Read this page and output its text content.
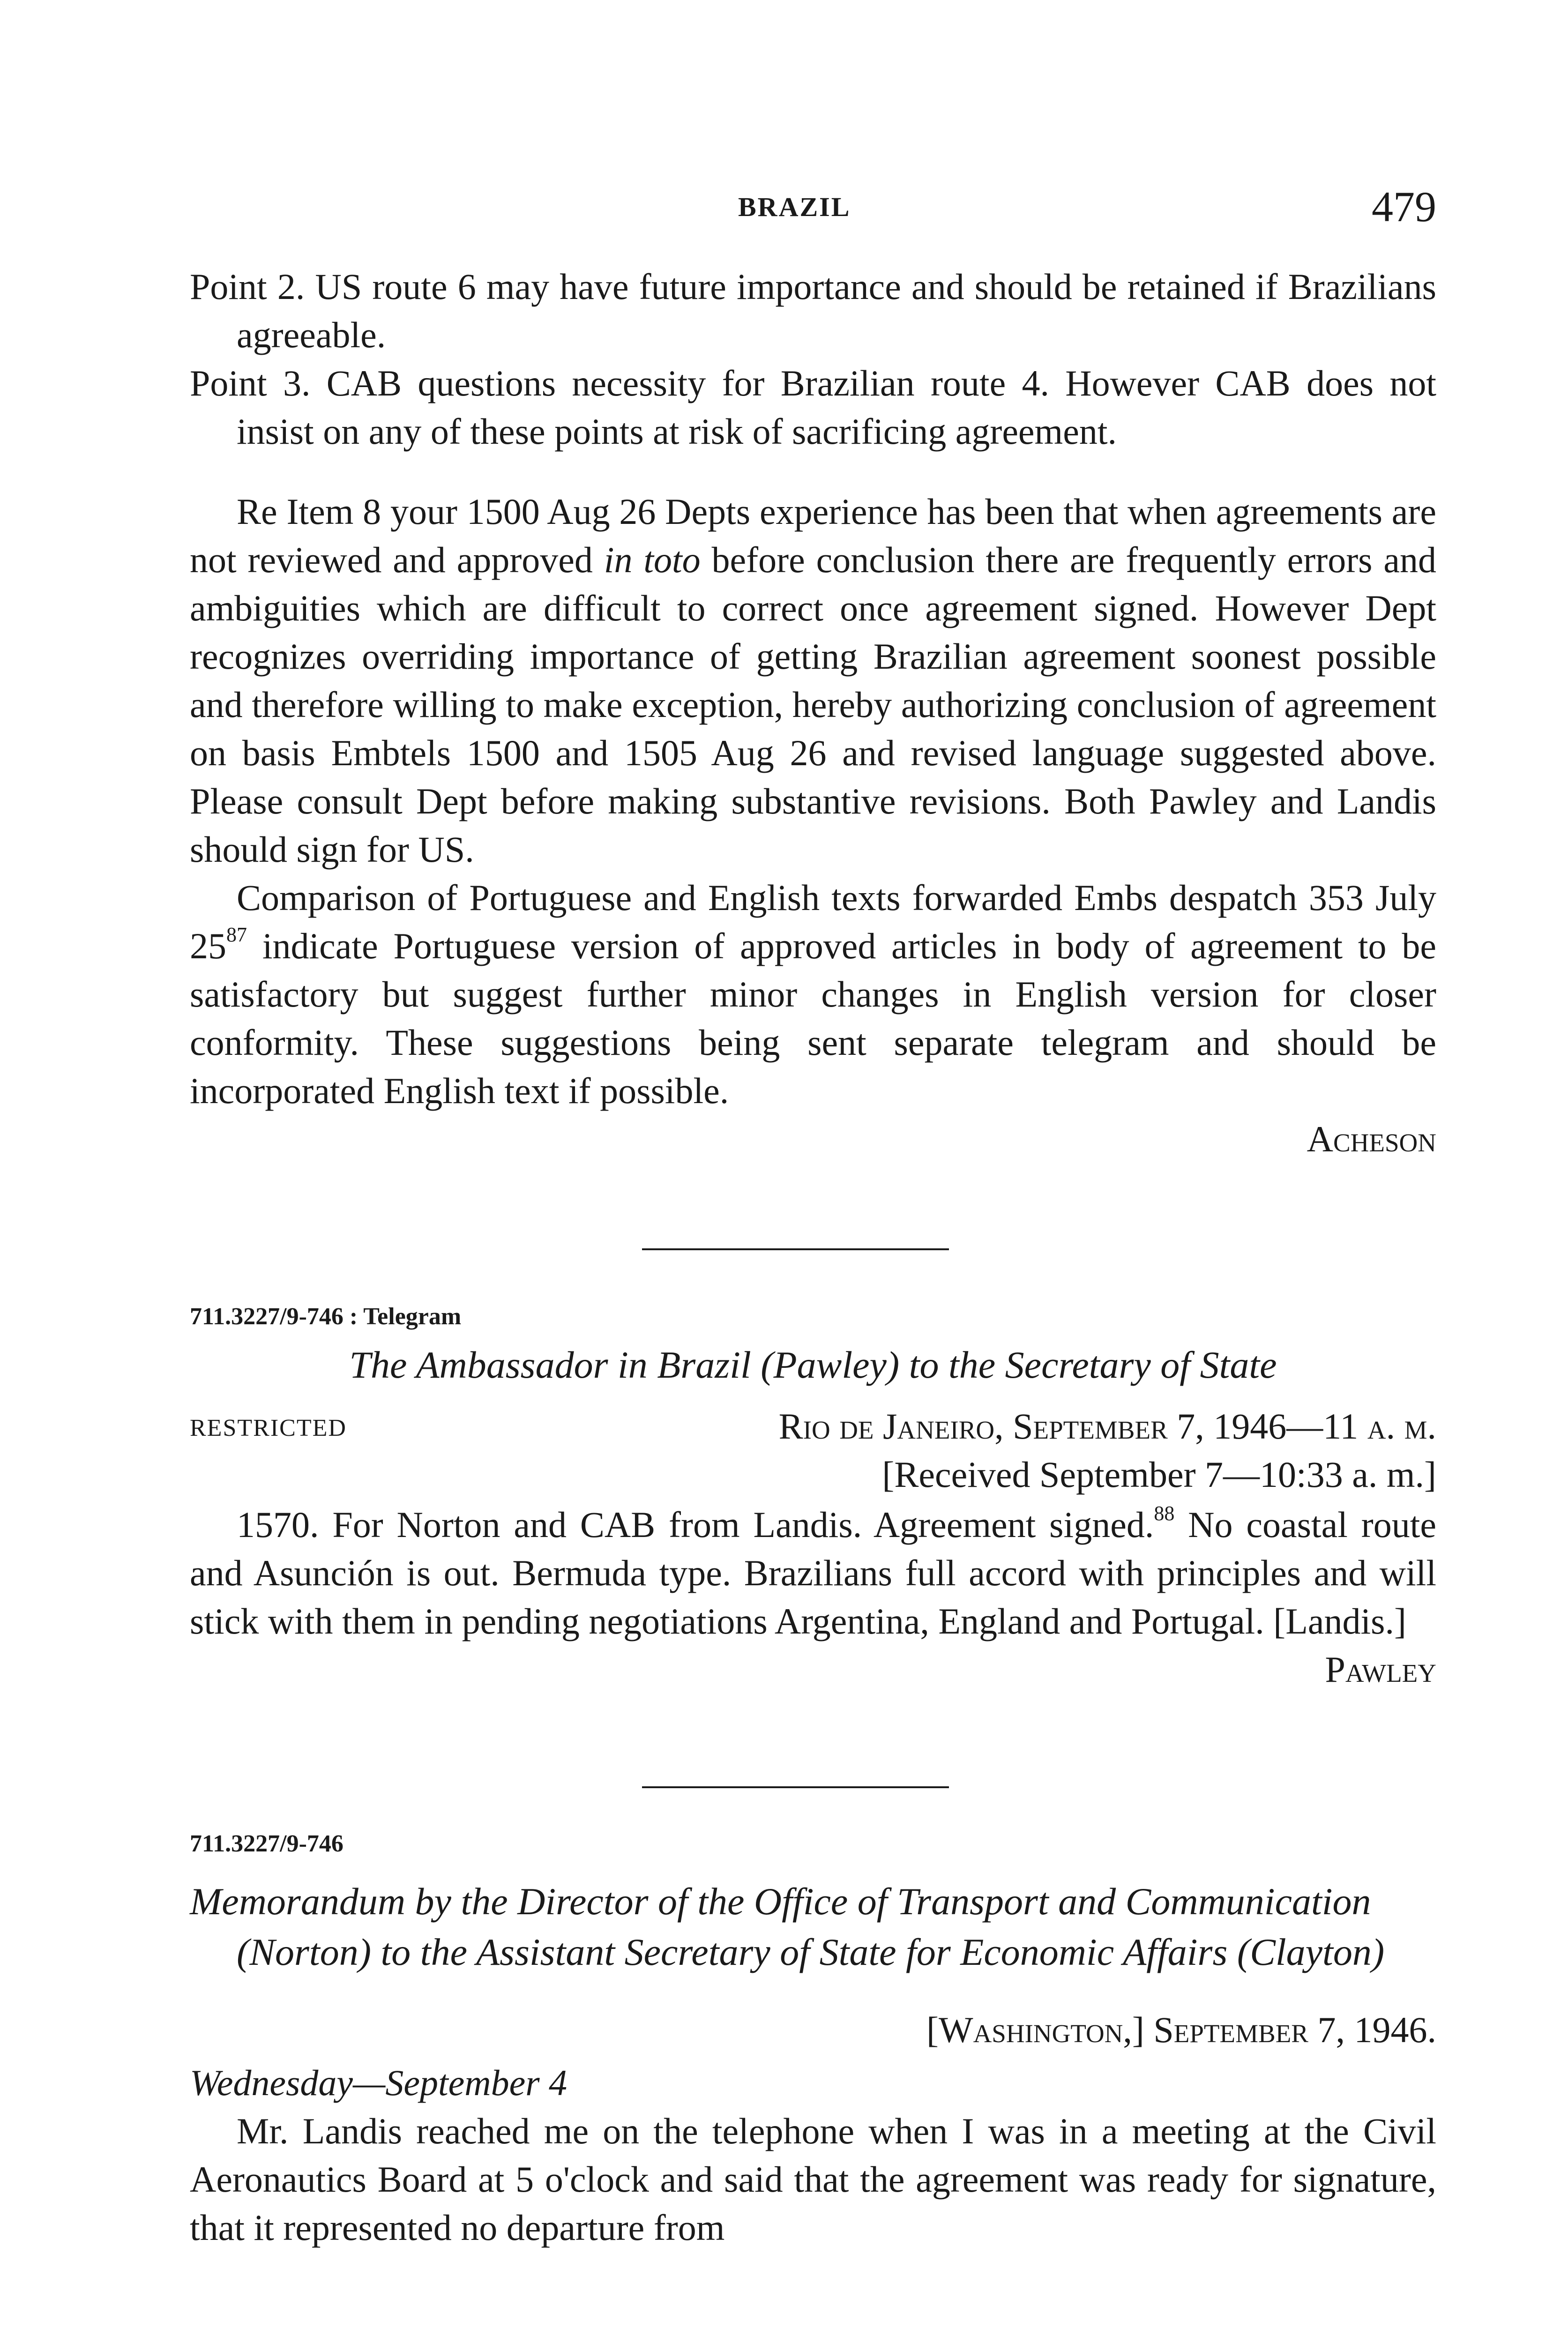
BRAZIL	479

Point 2. US route 6 may have future importance and should be retained if Brazilians agreeable.

Point 3. CAB questions necessity for Brazilian route 4. However CAB does not insist on any of these points at risk of sacrificing agreement.

Re Item 8 your 1500 Aug 26 Depts experience has been that when agreements are not reviewed and approved in toto before conclusion there are frequently errors and ambiguities which are difficult to correct once agreement signed. However Dept recognizes overriding importance of getting Brazilian agreement soonest possible and therefore willing to make exception, hereby authorizing conclusion of agreement on basis Embtels 1500 and 1505 Aug 26 and revised language suggested above. Please consult Dept before making substantive revisions. Both Pawley and Landis should sign for US.

Comparison of Portuguese and English texts forwarded Embs despatch 353 July $25^{87}$ indicate Portuguese version of approved articles in body of agreement to be satisfactory but suggest further minor changes in English version for closer conformity. These suggestions being sent separate telegram and should be incorporated English text if possible.

Acheson

711.3227/9-746 : Telegram
The Ambassador in Brazil (Pawley) to the Secretary of State
RESTRICTED	Rio de Janeiro, September 7, 1946—11 a. m.

[Received September 7—10:33 a. m.]

1570. For Norton and CAB from Landis. Agreement signed.$^{88}$ No coastal route and Asunción is out. Bermuda type. Brazilians full accord with principles and will stick with them in pending negotiations Argentina, England and Portugal. [Landis.]

Pawley

711.3227/9-746
Memorandum by the Director of the Office of Transport and Communication (Norton) to the Assistant Secretary of State for Economic Affairs (Clayton)

[Washington,] September 7, 1946.

Wednesday—September 4

Mr. Landis reached me on the telephone when I was in a meeting at the Civil Aeronautics Board at 5 o'clock and said that the agreement was ready for signature, that it represented no departure from
